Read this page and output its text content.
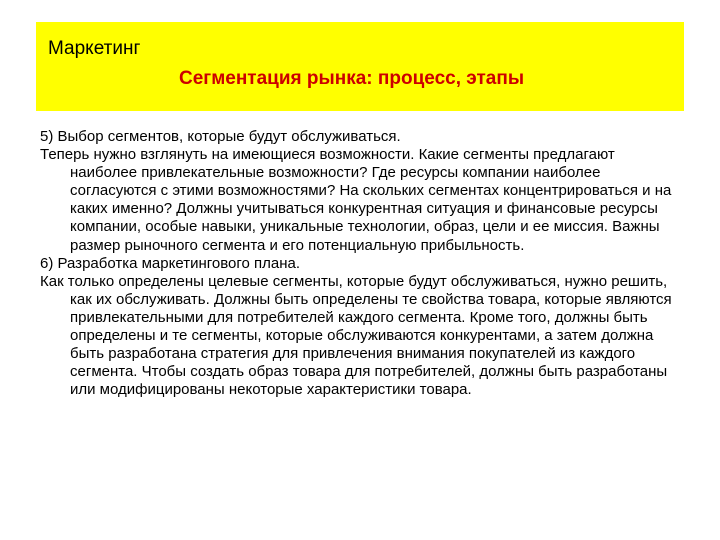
Маркетинг
Сегментация рынка: процесс, этапы

5) Выбор сегментов, которые будут обслуживаться.

Теперь нужно взглянуть на имеющиеся возможности. Какие сегменты предлагают наиболее привлекательные возможности? Где ресурсы компании наиболее согласуются с этими возможностями? На скольких сегментах концентрироваться и на каких именно? Должны учитываться конкурентная ситуация и финансовые ресурсы компании, особые навыки, уникальные технологии, образ, цели и ее миссия. Важны размер рыночного сегмента и его потенциальную прибыльность.

6) Разработка маркетингового плана.

Как только определены целевые сегменты, которые будут обслуживаться, нужно решить, как их обслуживать. Должны быть определены те свойства товара, которые являются привлекательными для потребителей каждого сегмента. Кроме того, должны быть определены и те сегменты, которые обслуживаются конкурентами, а затем должна быть разработана стратегия для привлечения внимания покупателей из каждого сегмента. Чтобы создать образ товара для потребителей, должны быть разработаны или модифицированы некоторые характеристики товара.
